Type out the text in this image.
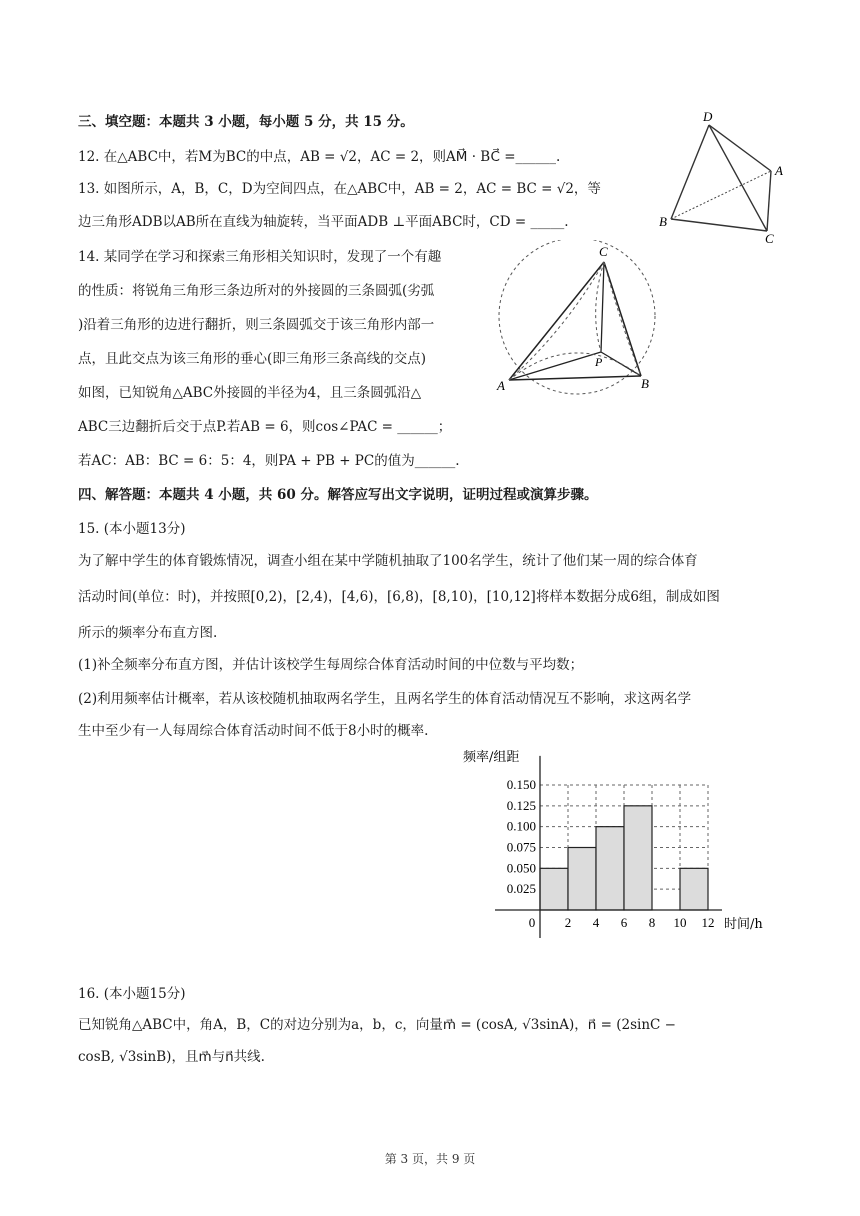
三、填空题：本题共 3 小题，每小题 5 分，共 15 分。
12. 在△ABC中，若M为BC的中点，AB = √2，AC = 2，则AM⃗ · BC⃗ =______.
13. 如图所示，A，B，C，D为空间四点，在△ABC中，AB = 2，AC = BC = √2，等
边三角形ADB以AB所在直线为轴旋转，当平面ADB ⊥平面ABC时，CD = _____.
D
A
B
C
14. 某同学在学习和探索三角形相关知识时，发现了一个有趣
的性质：将锐角三角形三条边所对的外接圆的三条圆弧(劣弧
)沿着三角形的边进行翻折，则三条圆弧交于该三角形内部一
点，且此交点为该三角形的垂心(即三角形三条高线的交点)
如图，已知锐角△ABC外接圆的半径为4，且三条圆弧沿△
ABC三边翻折后交于点P.若AB = 6，则cos∠PAC = ______；
若AC：AB：BC = 6：5：4，则PA + PB + PC的值为______.
C
A	B
P
四、解答题：本题共 4 小题，共 60 分。解答应写出文字说明，证明过程或演算步骤。
15. (本小题13分)
为了解中学生的体育锻炼情况，调查小组在某中学随机抽取了100名学生，统计了他们某一周的综合体育
活动时间(单位：时)，并按照[0,2)，[2,4)，[4,6)，[6,8)，[8,10)，[10,12]将样本数据分成6组，制成如图
所示的频率分布直方图.
(1)补全频率分布直方图，并估计该校学生每周综合体育活动时间的中位数与平均数；
(2)利用频率估计概率，若从该校随机抽取两名学生，且两名学生的体育活动情况互不影响，求这两名学
生中至少有一人每周综合体育活动时间不低于8小时的概率.
0.025
0.050
0.075
0.100
0.125
0.150
0 2 4 6 8 10 12
频率/组距
时间/h
16. (本小题15分)
已知锐角△ABC中，角A，B，C的对边分别为a，b，c，向量m⃗ = (cosA, √3sinA)，n⃗ = (2sinC −
cosB, √3sinB)，且m⃗与n⃗共线.
第 3 页，共 9 页
